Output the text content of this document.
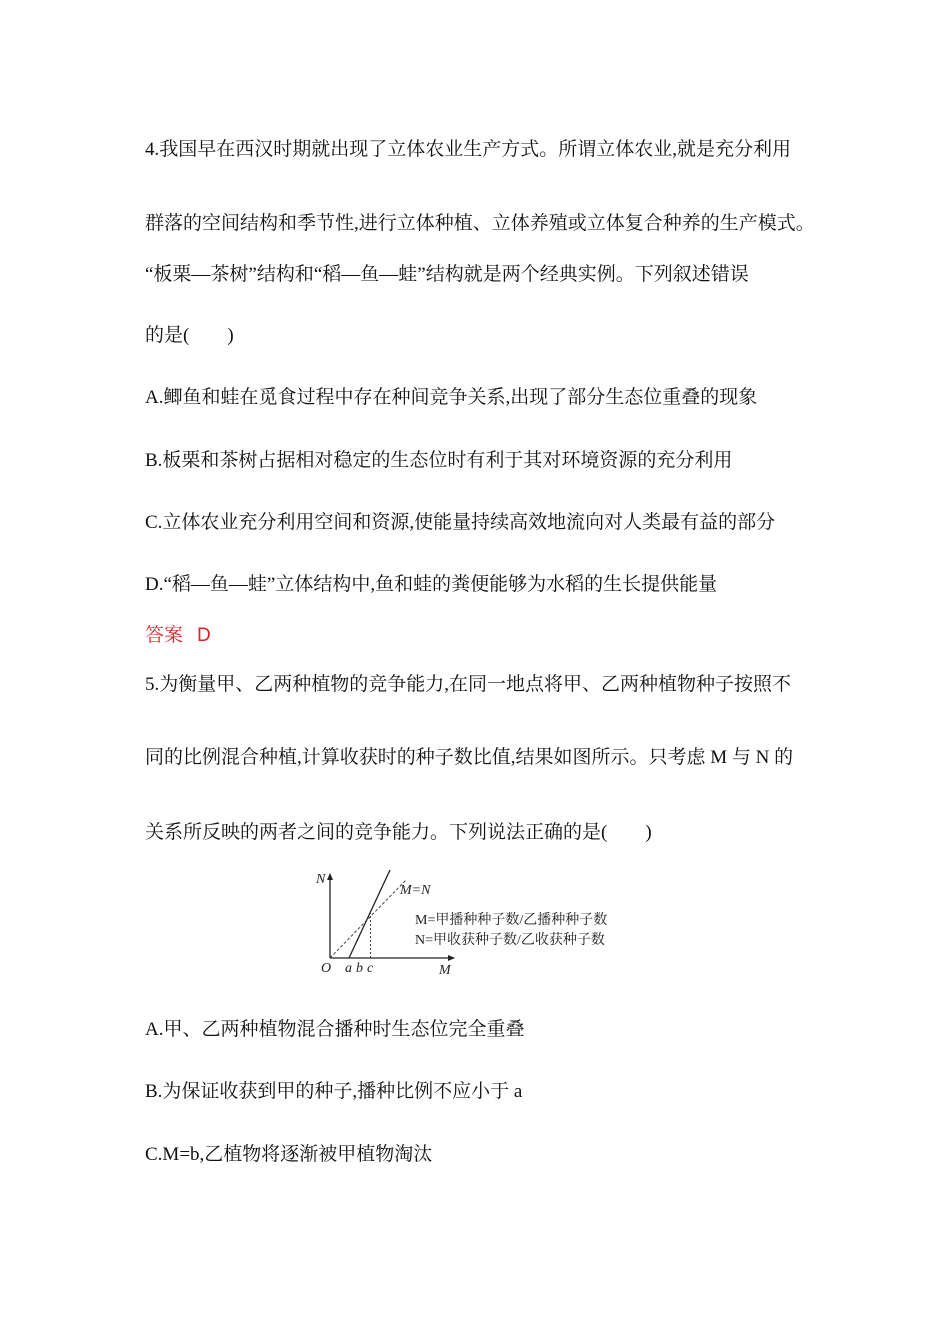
4.我国早在西汉时期就出现了立体农业生产方式。所谓立体农业,就是充分利用
群落的空间结构和季节性,进行立体种植、立体养殖或立体复合种养的生产模式。
“板栗—茶树”结构和“稻—鱼—蛙”结构就是两个经典实例。下列叙述错误
的是(　　)
A.鲫鱼和蛙在觅食过程中存在种间竞争关系,出现了部分生态位重叠的现象
B.板栗和茶树占据相对稳定的生态位时有利于其对环境资源的充分利用
C.立体农业充分利用空间和资源,使能量持续高效地流向对人类最有益的部分
D.“稻—鱼—蛙”立体结构中,鱼和蛙的粪便能够为水稻的生长提供能量
答案 D
5.为衡量甲、乙两种植物的竞争能力,在同一地点将甲、乙两种植物种子按照不
同的比例混合种植,计算收获时的种子数比值,结果如图所示。只考虑 M 与 N 的
关系所反映的两者之间的竞争能力。下列说法正确的是(　　)
N
M
O a b c
M=N
M=甲播种种子数/乙播种种子数
N=甲收获种子数/乙收获种子数
A.甲、乙两种植物混合播种时生态位完全重叠
B.为保证收获到甲的种子,播种比例不应小于 a
C.M=b,乙植物将逐渐被甲植物淘汰
